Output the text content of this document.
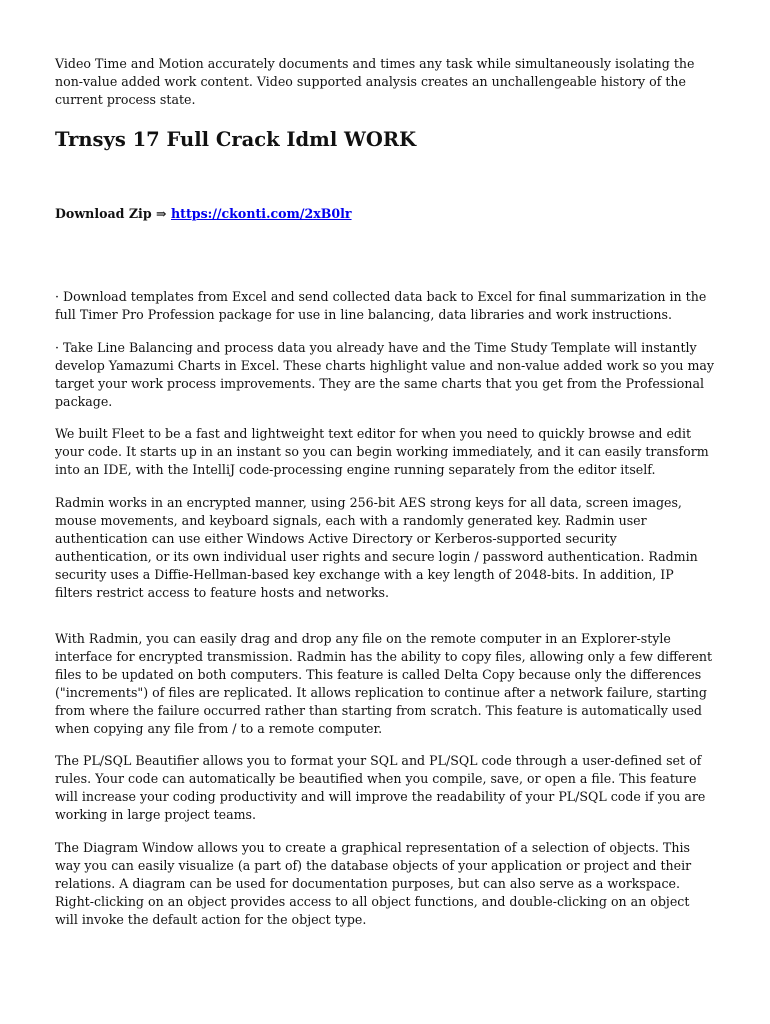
Video Time and Motion accurately documents and times any task while simultaneously isolating the non-value added work content. Video supported analysis creates an unchallengeable history of the current process state.

Trnsys 17 Full Crack Idml WORK

Download Zip ⇒ https://ckonti.com/2xB0lr

· Download templates from Excel and send collected data back to Excel for final summarization in the full Timer Pro Profession package for use in line balancing, data libraries and work instructions.

· Take Line Balancing and process data you already have and the Time Study Template will instantly develop Yamazumi Charts in Excel. These charts highlight value and non-value added work so you may target your work process improvements. They are the same charts that you get from the Professional package.

We built Fleet to be a fast and lightweight text editor for when you need to quickly browse and edit your code. It starts up in an instant so you can begin working immediately, and it can easily transform into an IDE, with the IntelliJ code-processing engine running separately from the editor itself.

Radmin works in an encrypted manner, using 256-bit AES strong keys for all data, screen images, mouse movements, and keyboard signals, each with a randomly generated key. Radmin user authentication can use either Windows Active Directory or Kerberos-supported security authentication, or its own individual user rights and secure login / password authentication. Radmin security uses a Diffie-Hellman-based key exchange with a key length of 2048-bits. In addition, IP filters restrict access to feature hosts and networks.

With Radmin, you can easily drag and drop any file on the remote computer in an Explorer-style interface for encrypted transmission. Radmin has the ability to copy files, allowing only a few different files to be updated on both computers. This feature is called Delta Copy because only the differences ("increments") of files are replicated. It allows replication to continue after a network failure, starting from where the failure occurred rather than starting from scratch. This feature is automatically used when copying any file from / to a remote computer.

The PL/SQL Beautifier allows you to format your SQL and PL/SQL code through a user-defined set of rules. Your code can automatically be beautified when you compile, save, or open a file. This feature will increase your coding productivity and will improve the readability of your PL/SQL code if you are working in large project teams.

The Diagram Window allows you to create a graphical representation of a selection of objects. This way you can easily visualize (a part of) the database objects of your application or project and their relations. A diagram can be used for documentation purposes, but can also serve as a workspace. Right-clicking on an object provides access to all object functions, and double-clicking on an object will invoke the default action for the object type.
